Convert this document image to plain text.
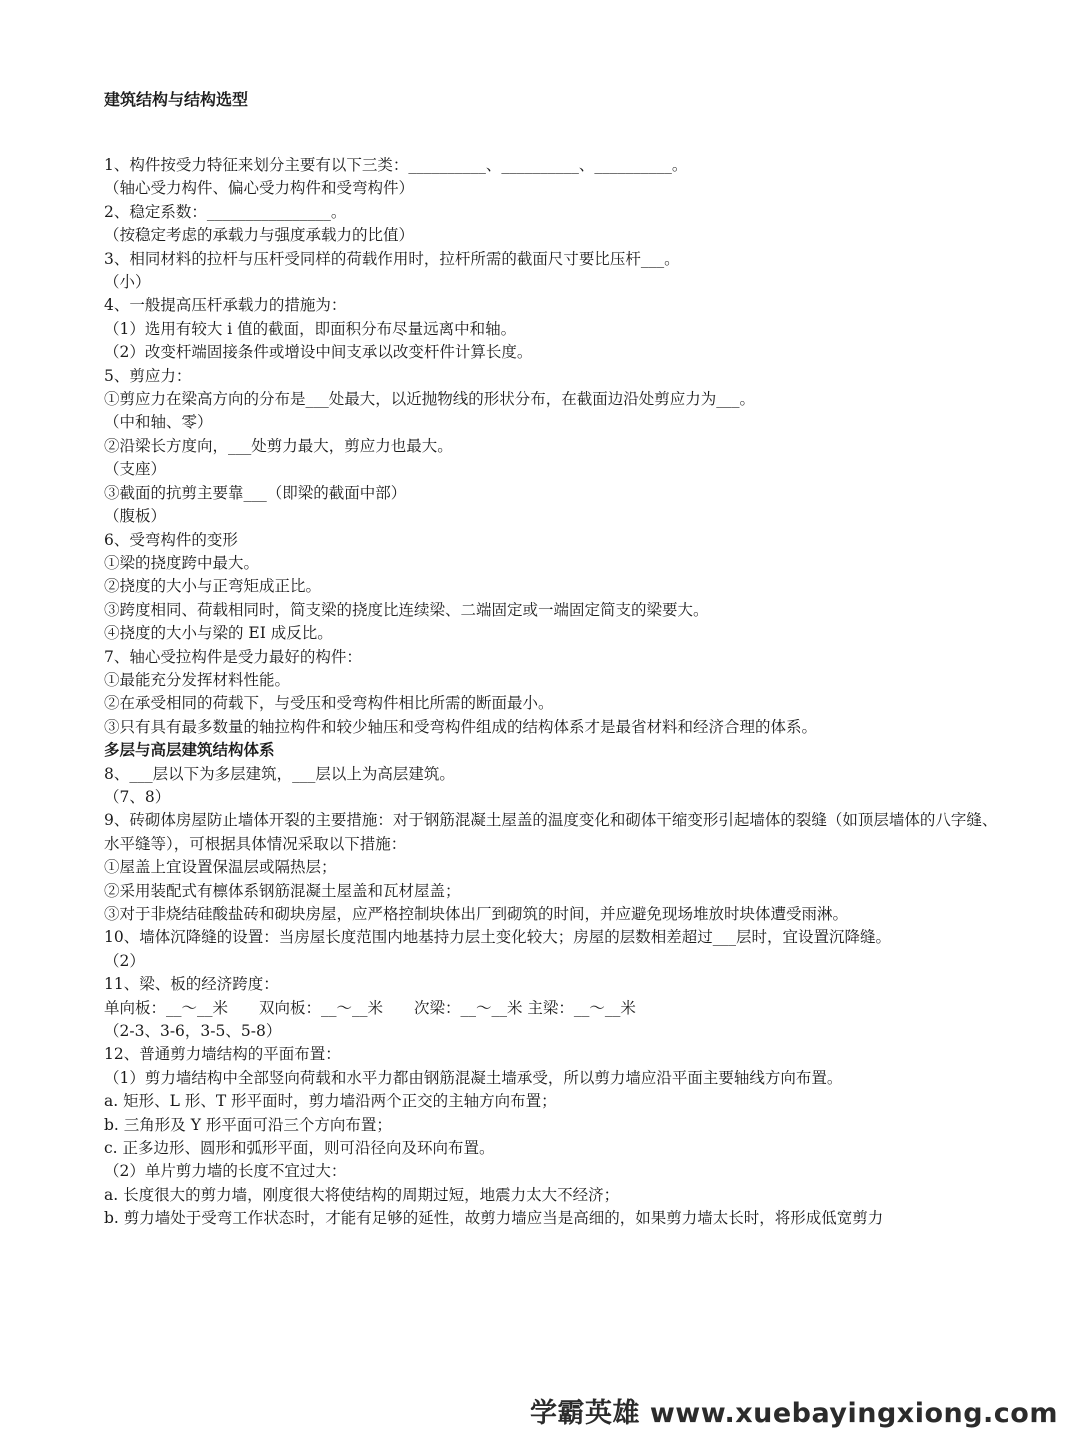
建筑结构与结构选型
1、构件按受力特征来划分主要有以下三类：__________、__________、__________。
（轴心受力构件、偏心受力构件和受弯构件）
2、稳定系数：________________。
（按稳定考虑的承载力与强度承载力的比值）
3、相同材料的拉杆与压杆受同样的荷载作用时，拉杆所需的截面尺寸要比压杆___。
（小）
4、一般提高压杆承载力的措施为：
（1）选用有较大 i 值的截面，即面积分布尽量远离中和轴。
（2）改变杆端固接条件或增设中间支承以改变杆件计算长度。
5、剪应力：
①剪应力在梁高方向的分布是___处最大，以近抛物线的形状分布，在截面边沿处剪应力为___。
（中和轴、零）
②沿梁长方度向，___处剪力最大，剪应力也最大。
（支座）
③截面的抗剪主要靠___（即梁的截面中部）
（腹板）
6、受弯构件的变形
①梁的挠度跨中最大。
②挠度的大小与正弯矩成正比。
③跨度相同、荷载相同时，简支梁的挠度比连续梁、二端固定或一端固定简支的梁要大。
④挠度的大小与梁的 EI 成反比。
7、轴心受拉构件是受力最好的构件：
①最能充分发挥材料性能。
②在承受相同的荷载下，与受压和受弯构件相比所需的断面最小。
③只有具有最多数量的轴拉构件和较少轴压和受弯构件组成的结构体系才是最省材料和经济合理的体系。
多层与高层建筑结构体系
8、___层以下为多层建筑，___层以上为高层建筑。
（7、8）
9、砖砌体房屋防止墙体开裂的主要措施：对于钢筋混凝土屋盖的温度变化和砌体干缩变形引起墙体的裂缝（如顶层墙体的八字缝、水平缝等），可根据具体情况采取以下措施：
①屋盖上宜设置保温层或隔热层；
②采用装配式有檩体系钢筋混凝土屋盖和瓦材屋盖；
③对于非烧结硅酸盐砖和砌块房屋，应严格控制块体出厂到砌筑的时间，并应避免现场堆放时块体遭受雨淋。
10、墙体沉降缝的设置：当房屋长度范围内地基持力层土变化较大；房屋的层数相差超过___层时，宜设置沉降缝。
（2）
11、梁、板的经济跨度：
单向板：__～__米　　双向板：__～__米　　次梁：__～__米 主梁：__～__米
（2-3、3-6，3-5、5-8）
12、普通剪力墙结构的平面布置：
（1）剪力墙结构中全部竖向荷载和水平力都由钢筋混凝土墙承受，所以剪力墙应沿平面主要轴线方向布置。
a. 矩形、L 形、T 形平面时，剪力墙沿两个正交的主轴方向布置；
b. 三角形及 Y 形平面可沿三个方向布置；
c. 正多边形、圆形和弧形平面，则可沿径向及环向布置。
（2）单片剪力墙的长度不宜过大：
a. 长度很大的剪力墙，刚度很大将使结构的周期过短，地震力太大不经济；
b. 剪力墙处于受弯工作状态时，才能有足够的延性，故剪力墙应当是高细的，如果剪力墙太长时，将形成低宽剪力
学霸英雄 www.xuebayingxiong.com
